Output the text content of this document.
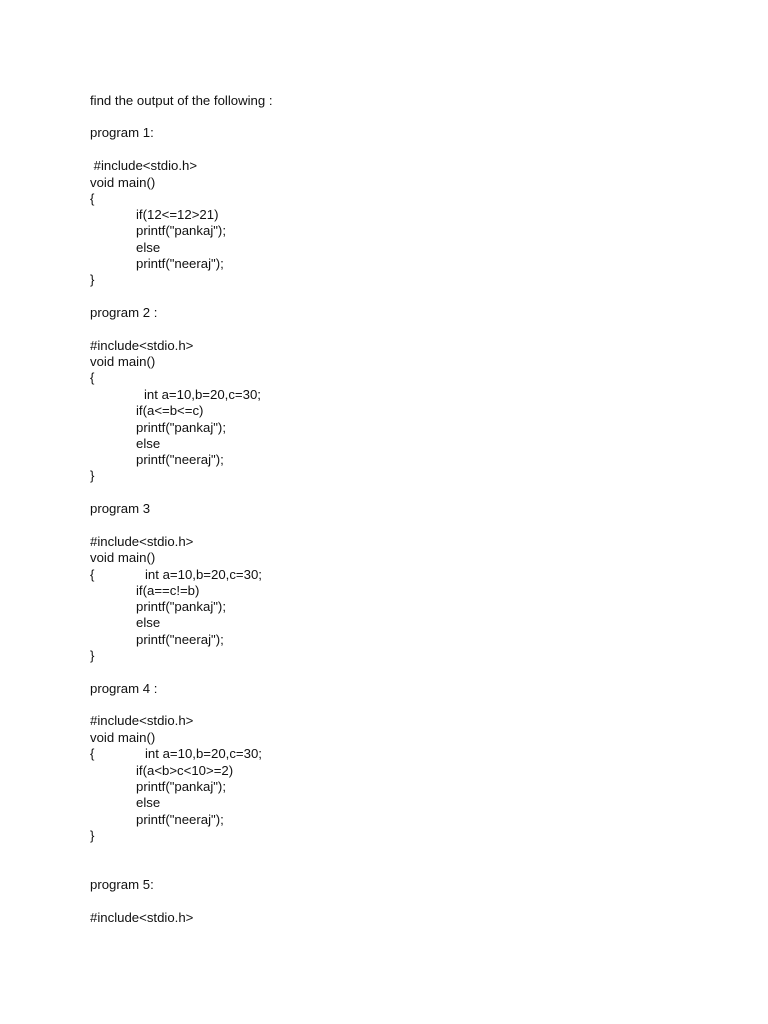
find the output of the following :
program 1:
#include<stdio.h>
void main()
{
if(12<=12>21)
printf("pankaj");
else
printf("neeraj");
}
program 2 :
#include<stdio.h>
void main()
{
int a=10,b=20,c=30;
if(a<=b<=c)
printf("pankaj");
else
printf("neeraj");
}
program 3
#include<stdio.h>
void main()
{	int a=10,b=20,c=30;
if(a==c!=b)
printf("pankaj");
else
printf("neeraj");
}
program 4 :
#include<stdio.h>
void main()
{	int a=10,b=20,c=30;
if(a<b>c<10>=2)
printf("pankaj");
else
printf("neeraj");
}
program 5:
#include<stdio.h>
